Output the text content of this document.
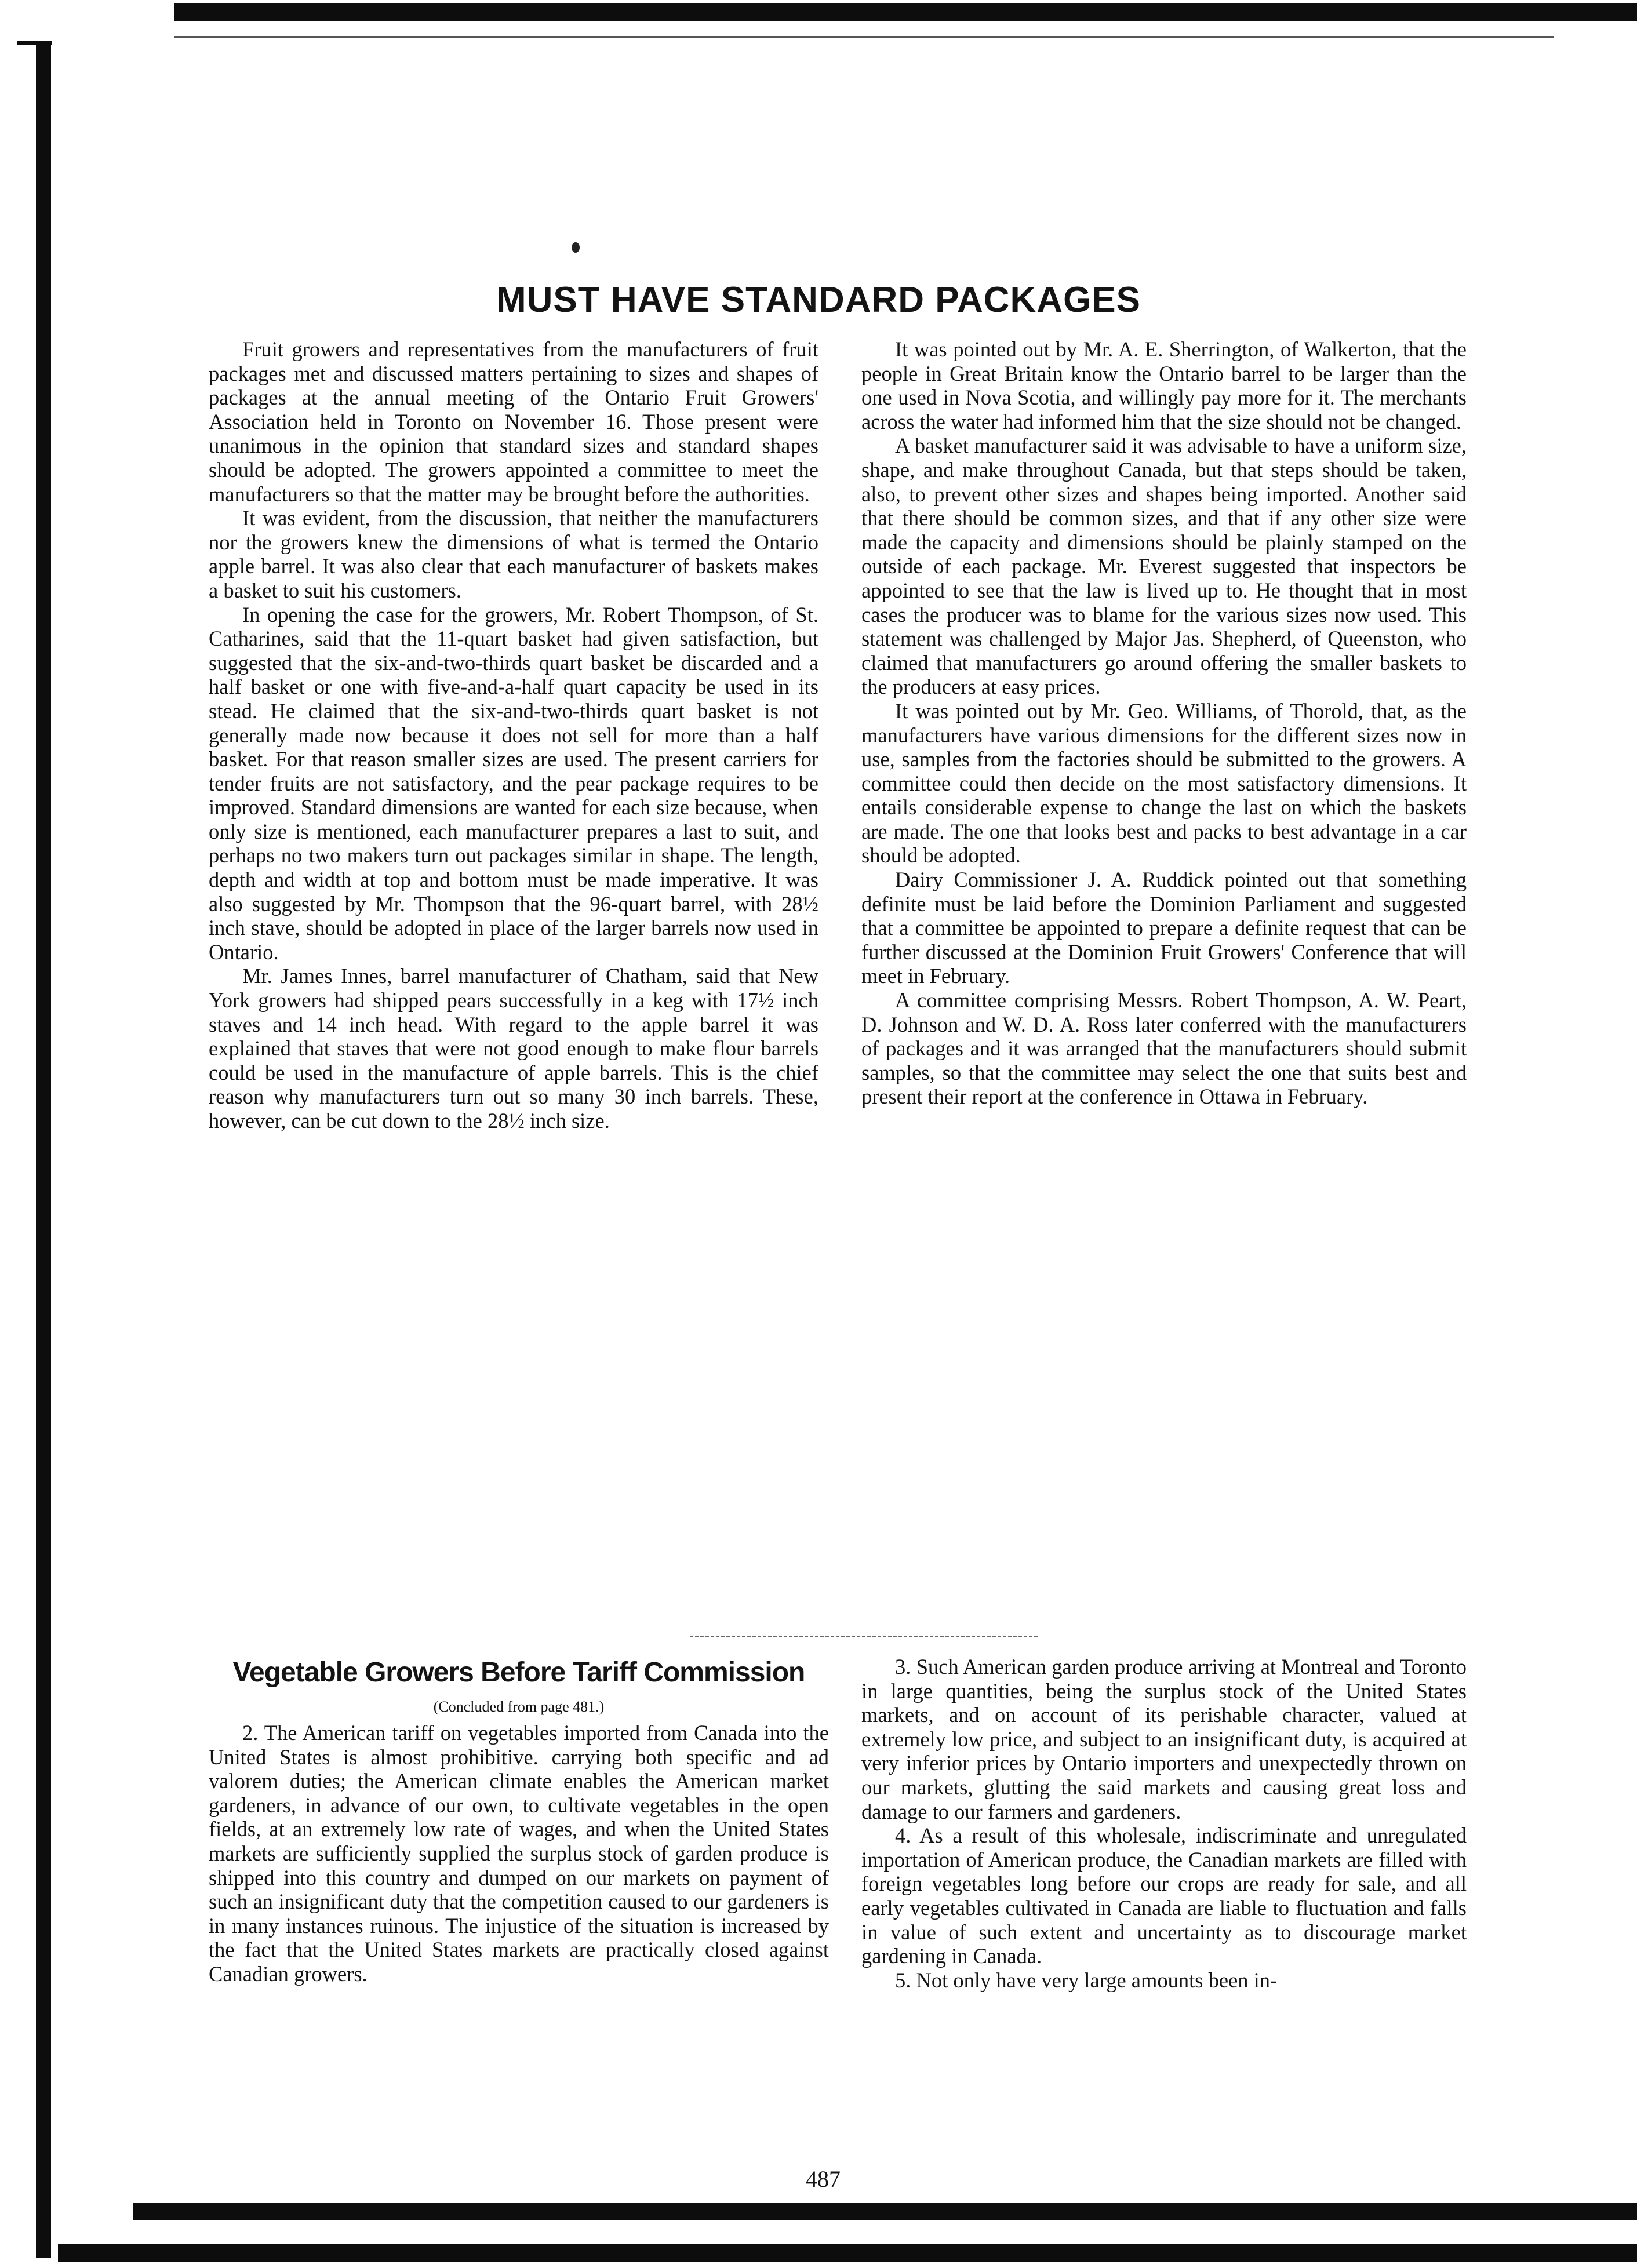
MUST HAVE STANDARD PACKAGES

Fruit growers and representatives from the manufacturers of fruit packages met and discussed matters pertaining to sizes and shapes of packages at the annual meeting of the Ontario Fruit Growers' Association held in Toronto on November 16. Those present were unanimous in the opinion that standard sizes and standard shapes should be adopted. The growers appointed a committee to meet the manufacturers so that the matter may be brought before the authorities.

It was evident, from the discussion, that neither the manufacturers nor the growers knew the dimensions of what is termed the Ontario apple barrel. It was also clear that each manufacturer of baskets makes a basket to suit his customers.

In opening the case for the growers, Mr. Robert Thompson, of St. Catharines, said that the 11-quart basket had given satisfaction, but suggested that the six-and-two-thirds quart basket be discarded and a half basket or one with five-and-a-half quart capacity be used in its stead. He claimed that the six-and-two-thirds quart basket is not generally made now because it does not sell for more than a half basket. For that reason smaller sizes are used. The present carriers for tender fruits are not satisfactory, and the pear package requires to be improved. Standard dimensions are wanted for each size because, when only size is mentioned, each manufacturer prepares a last to suit, and perhaps no two makers turn out packages similar in shape. The length, depth and width at top and bottom must be made imperative. It was also suggested by Mr. Thompson that the 96-quart barrel, with 28½ inch stave, should be adopted in place of the larger barrels now used in Ontario.

Mr. James Innes, barrel manufacturer of Chatham, said that New York growers had shipped pears successfully in a keg with 17½ inch staves and 14 inch head. With regard to the apple barrel it was explained that staves that were not good enough to make flour barrels could be used in the manufacture of apple barrels. This is the chief reason why manufacturers turn out so many 30 inch barrels. These, however, can be cut down to the 28½ inch size.

It was pointed out by Mr. A. E. Sherrington, of Walkerton, that the people in Great Britain know the Ontario barrel to be larger than the one used in Nova Scotia, and willingly pay more for it. The merchants across the water had informed him that the size should not be changed.

A basket manufacturer said it was advisable to have a uniform size, shape, and make throughout Canada, but that steps should be taken, also, to prevent other sizes and shapes being imported. Another said that there should be common sizes, and that if any other size were made the capacity and dimensions should be plainly stamped on the outside of each package. Mr. Everest suggested that inspectors be appointed to see that the law is lived up to. He thought that in most cases the producer was to blame for the various sizes now used. This statement was challenged by Major Jas. Shepherd, of Queenston, who claimed that manufacturers go around offering the smaller baskets to the producers at easy prices.

It was pointed out by Mr. Geo. Williams, of Thorold, that, as the manufacturers have various dimensions for the different sizes now in use, samples from the factories should be submitted to the growers. A committee could then decide on the most satisfactory dimensions. It entails considerable expense to change the last on which the baskets are made. The one that looks best and packs to best advantage in a car should be adopted.

Dairy Commissioner J. A. Ruddick pointed out that something definite must be laid before the Dominion Parliament and suggested that a committee be appointed to prepare a definite request that can be further discussed at the Dominion Fruit Growers' Conference that will meet in February.

A committee comprising Messrs. Robert Thompson, A. W. Peart, D. Johnson and W. D. A. Ross later conferred with the manufacturers of packages and it was arranged that the manufacturers should submit samples, so that the committee may select the one that suits best and present their report at the conference in Ottawa in February.

Vegetable Growers Before Tariff Commission
(Concluded from page 481.)

2. The American tariff on vegetables imported from Canada into the United States is almost prohibitive. carrying both specific and ad valorem duties; the American climate enables the American market gardeners, in advance of our own, to cultivate vegetables in the open fields, at an extremely low rate of wages, and when the United States markets are sufficiently supplied the surplus stock of garden produce is shipped into this country and dumped on our markets on payment of such an insignificant duty that the competition caused to our gardeners is in many instances ruinous. The injustice of the situation is increased by the fact that the United States markets are practically closed against Canadian growers.

3. Such American garden produce arriving at Montreal and Toronto in large quantities, being the surplus stock of the United States markets, and on account of its perishable character, valued at extremely low price, and subject to an insignificant duty, is acquired at very inferior prices by Ontario importers and unexpectedly thrown on our markets, glutting the said markets and causing great loss and damage to our farmers and gardeners.

4. As a result of this wholesale, indiscriminate and unregulated importation of American produce, the Canadian markets are filled with foreign vegetables long before our crops are ready for sale, and all early vegetables cultivated in Canada are liable to fluctuation and falls in value of such extent and uncertainty as to discourage market gardening in Canada.

5. Not only have very large amounts been in-

487
